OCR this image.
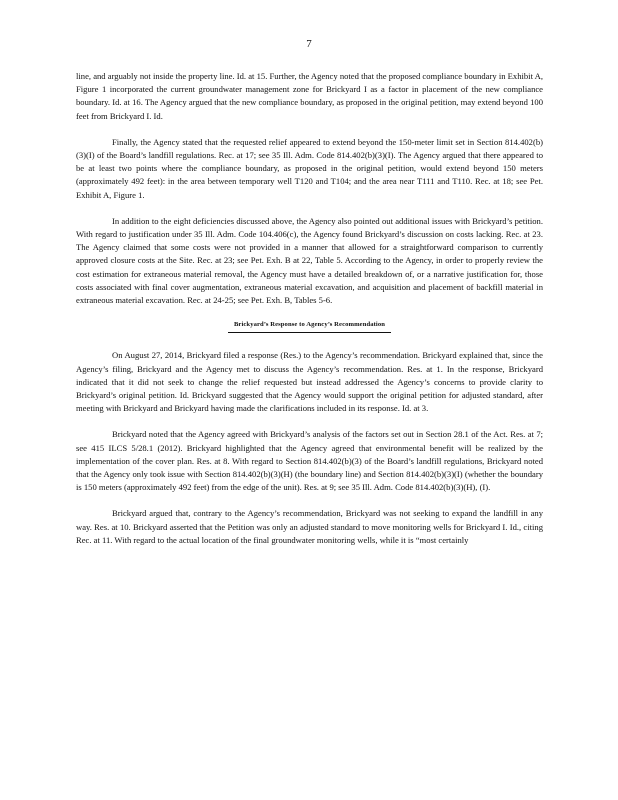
7

line, and arguably not inside the property line. Id. at 15. Further, the Agency noted that the proposed compliance boundary in Exhibit A, Figure 1 incorporated the current groundwater management zone for Brickyard I as a factor in placement of the new compliance boundary. Id. at 16. The Agency argued that the new compliance boundary, as proposed in the original petition, may extend beyond 100 feet from Brickyard I. Id.

Finally, the Agency stated that the requested relief appeared to extend beyond the 150-meter limit set in Section 814.402(b)(3)(I) of the Board’s landfill regulations. Rec. at 17; see 35 Ill. Adm. Code 814.402(b)(3)(I). The Agency argued that there appeared to be at least two points where the compliance boundary, as proposed in the original petition, would extend beyond 150 meters (approximately 492 feet): in the area between temporary well T120 and T104; and the area near T111 and T110. Rec. at 18; see Pet. Exhibit A, Figure 1.

In addition to the eight deficiencies discussed above, the Agency also pointed out additional issues with Brickyard’s petition. With regard to justification under 35 Ill. Adm. Code 104.406(c), the Agency found Brickyard’s discussion on costs lacking. Rec. at 23. The Agency claimed that some costs were not provided in a manner that allowed for a straightforward comparison to currently approved closure costs at the Site. Rec. at 23; see Pet. Exh. B at 22, Table 5. According to the Agency, in order to properly review the cost estimation for extraneous material removal, the Agency must have a detailed breakdown of, or a narrative justification for, those costs associated with final cover augmentation, extraneous material excavation, and acquisition and placement of backfill material in extraneous material excavation. Rec. at 24-25; see Pet. Exh. B, Tables 5-6.

Brickyard’s Response to Agency’s Recommendation

On August 27, 2014, Brickyard filed a response (Res.) to the Agency’s recommendation. Brickyard explained that, since the Agency’s filing, Brickyard and the Agency met to discuss the Agency’s recommendation. Res. at 1. In the response, Brickyard indicated that it did not seek to change the relief requested but instead addressed the Agency’s concerns to provide clarity to Brickyard’s original petition. Id. Brickyard suggested that the Agency would support the original petition for adjusted standard, after meeting with Brickyard and Brickyard having made the clarifications included in its response. Id. at 3.

Brickyard noted that the Agency agreed with Brickyard’s analysis of the factors set out in Section 28.1 of the Act. Res. at 7; see 415 ILCS 5/28.1 (2012). Brickyard highlighted that the Agency agreed that environmental benefit will be realized by the implementation of the cover plan. Res. at 8. With regard to Section 814.402(b)(3) of the Board’s landfill regulations, Brickyard noted that the Agency only took issue with Section 814.402(b)(3)(H) (the boundary line) and Section 814.402(b)(3)(I) (whether the boundary is 150 meters (approximately 492 feet) from the edge of the unit). Res. at 9; see 35 Ill. Adm. Code 814.402(b)(3)(H), (I).

Brickyard argued that, contrary to the Agency’s recommendation, Brickyard was not seeking to expand the landfill in any way. Res. at 10. Brickyard asserted that the Petition was only an adjusted standard to move monitoring wells for Brickyard I. Id., citing Rec. at 11. With regard to the actual location of the final groundwater monitoring wells, while it is “most certainly
